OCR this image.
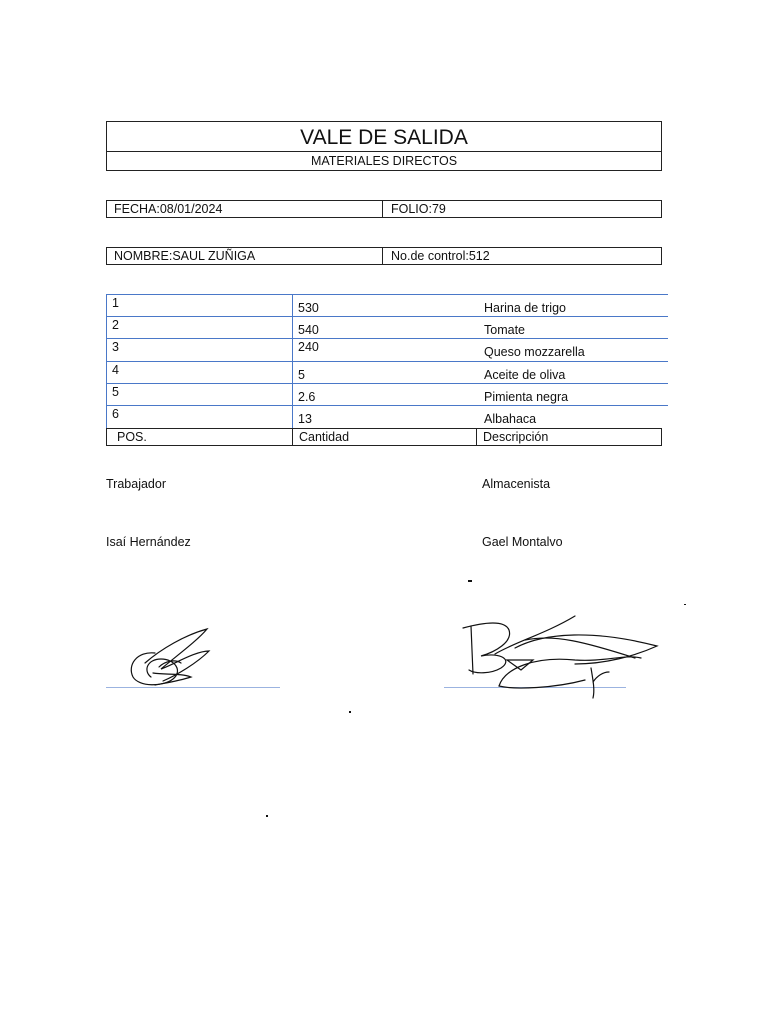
VALE DE SALIDA
MATERIALES DIRECTOS
FECHA:08/01/2024	FOLIO:79
NOMBRE:SAUL ZUÑIGA	No.de control:512
1	530	Harina de trigo
2	540	Tomate
3	240	Queso mozzarella
4	5	Aceite de oliva
5	2.6	Pimienta negra
6	13	Albahaca
POS.	Cantidad	Descripción
Trabajador	Almacenista
Isaí Hernández	Gael Montalvo
